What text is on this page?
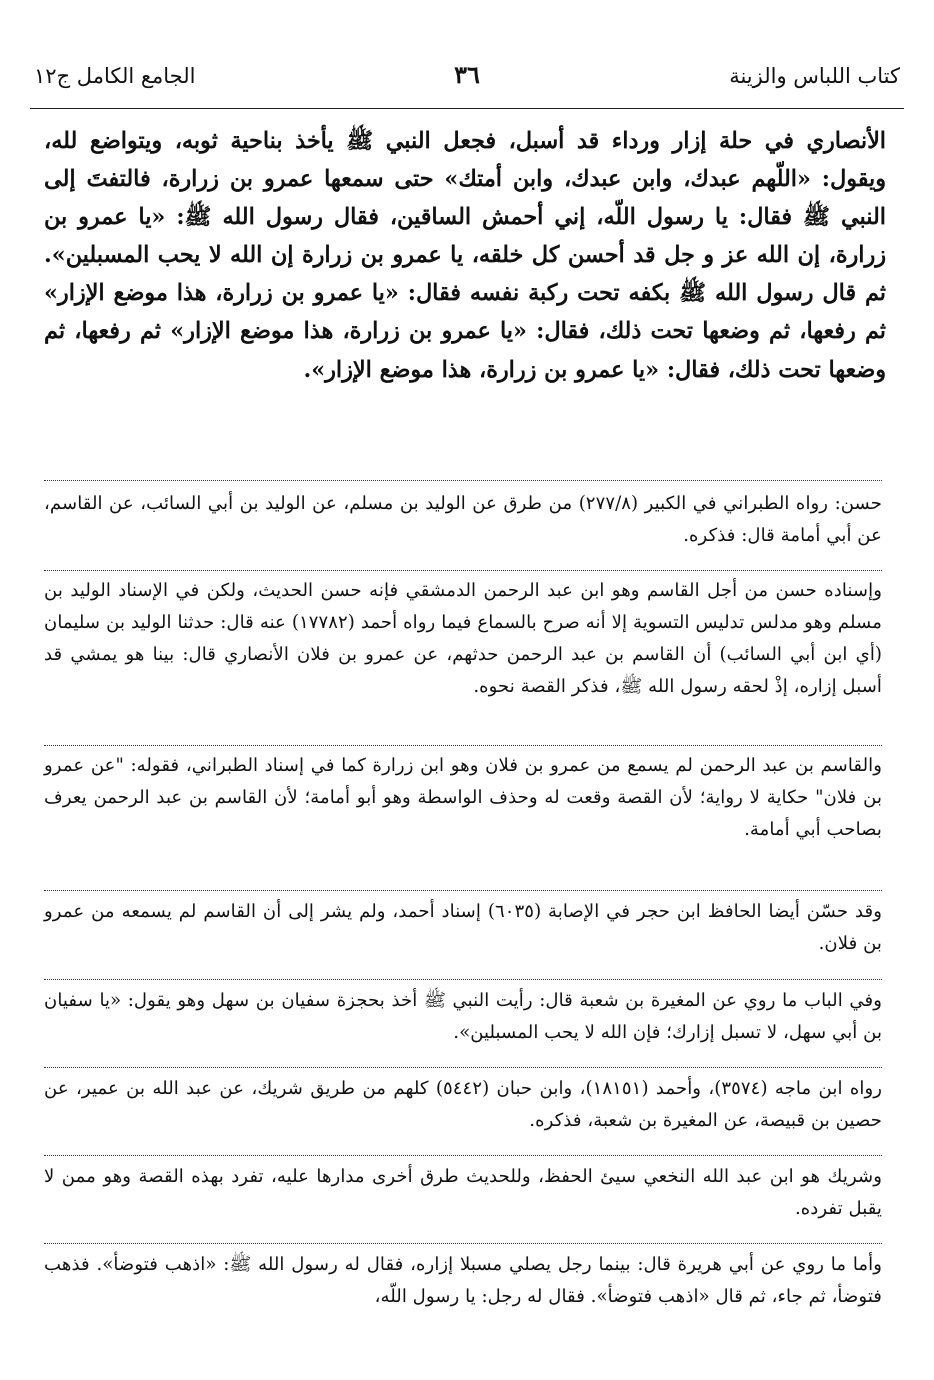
الجامع الكامل ج١٢	٣٦	كتاب اللباس والزينة

الأنصاري في حلة إزار ورداء قد أسبل، فجعل النبي ﷺ يأخذ بناحية ثوبه، ويتواضع لله، ويقول: «اللّهم عبدك، وابن عبدك، وابن أمتك» حتى سمعها عمرو بن زرارة، فالتفتَ إلى النبي ﷺ فقال: يا رسول اللّه، إني أحمش الساقين، فقال رسول الله ﷺ: «يا عمرو بن زرارة، إن الله عز و جل قد أحسن كل خلقه، يا عمرو بن زرارة إن الله لا يحب المسبلين». ثم قال رسول الله ﷺ بكفه تحت ركبة نفسه فقال: «يا عمرو بن زرارة، هذا موضع الإزار» ثم رفعها، ثم وضعها تحت ذلك، فقال: «يا عمرو بن زرارة، هذا موضع الإزار» ثم رفعها، ثم وضعها تحت ذلك، فقال: «يا عمرو بن زرارة، هذا موضع الإزار».

حسن: رواه الطبراني في الكبير (٢٧٧/٨) من طرق عن الوليد بن مسلم، عن الوليد بن أبي السائب، عن القاسم، عن أبي أمامة قال: فذكره.

وإسناده حسن من أجل القاسم وهو ابن عبد الرحمن الدمشقي فإنه حسن الحديث، ولكن في الإسناد الوليد بن مسلم وهو مدلس تدليس التسوية إلا أنه صرح بالسماع فيما رواه أحمد (١٧٧٨٢) عنه قال: حدثنا الوليد بن سليمان (أي ابن أبي السائب) أن القاسم بن عبد الرحمن حدثهم، عن عمرو بن فلان الأنصاري قال: بينا هو يمشي قد أسبل إزاره، إذْ لحقه رسول الله ﷺ، فذكر القصة نحوه.

والقاسم بن عبد الرحمن لم يسمع من عمرو بن فلان وهو ابن زرارة كما في إسناد الطبراني، فقوله: "عن عمرو بن فلان" حكاية لا رواية؛ لأن القصة وقعت له وحذف الواسطة وهو أبو أمامة؛ لأن القاسم بن عبد الرحمن يعرف بصاحب أبي أمامة.

وقد حسّن أيضا الحافظ ابن حجر في الإصابة (٦٠٣٥) إسناد أحمد، ولم يشر إلى أن القاسم لم يسمعه من عمرو بن فلان.

وفي الباب ما روي عن المغيرة بن شعبة قال: رأيت النبي ﷺ أخذ بحجزة سفيان بن سهل وهو يقول: «يا سفيان بن أبي سهل، لا تسبل إزارك؛ فإن الله لا يحب المسبلين».

رواه ابن ماجه (٣٥٧٤)، وأحمد (١٨١٥١)، وابن حبان (٥٤٤٢) كلهم من طريق شريك، عن عبد الله بن عمير، عن حصين بن قبيصة، عن المغيرة بن شعبة، فذكره.

وشريك هو ابن عبد الله النخعي سيئ الحفظ، وللحديث طرق أخرى مدارها عليه، تفرد بهذه القصة وهو ممن لا يقبل تفرده.

وأما ما روي عن أبي هريرة قال: بينما رجل يصلي مسبلا إزاره، فقال له رسول الله ﷺ: «اذهب فتوضأ». فذهب فتوضأ، ثم جاء، ثم قال «اذهب فتوضأ». فقال له رجل: يا رسول اللّه،
